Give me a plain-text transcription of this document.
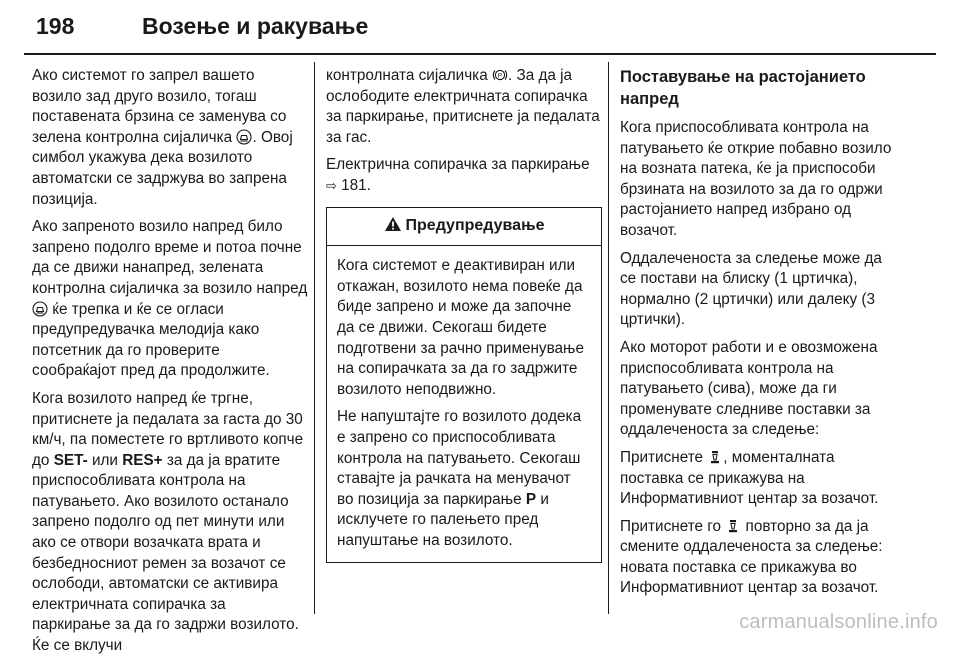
198	Возење и ракување

Ако системот го запрел вашето возило зад друго возило, тогаш поставената брзина се заменува со зелена контролна сијаличка . Овој симбол укажува дека возилото автоматски се задржува во запрена позиција.

Ако запреното возило напред било запрено подолго време и потоа почне да се движи нанапред, зелената контролна сијаличка за возило напред  ќе трепка и ќе се огласи предупредувачка мелодија како потсетник да го проверите сообраќајот пред да продолжите.

Кога возилото напред ќе тргне, притиснете ја педалата за гаста до 30 км/ч, па поместете го вртливото копче до SET- или RES+ за да ја вратите приспособливата контрола на патувањето. Ако возилото останало запрено подолго од пет минути или ако се отвори возачката врата и безбедносниот ремен за возачот се ослободи, автоматски се активира електричната сопирачка за паркирање за да го задржи возилото. Ќе се вклучи

контролната сијаличка P . За да ја ослободите електричната сопирачка за паркирање, притиснете ја педалата за гас.

Електрична сопирачка за паркирање ⇨ 181.

Предупредување

Кога системот е деактивиран или откажан, возилото нема повеќе да биде запрено и може да започне да се движи. Секогаш бидете подготвени за рачно применување на сопирачката за да го задржите возилото неподвижно.

Не напуштајте го возилото додека е запрено со приспособливата контрола на патувањето. Секогаш ставајте ја рачката на менувачот во позиција за паркирање P и исклучете го палењето пред напуштање на возилото.

Поставување на растојанието напред

Кога приспособливата контрола на патувањето ќе открие побавно возило на возната патека, ќе ја приспособи брзината на возилото за да го одржи растојанието напред избрано од возачот.

Оддалеченоста за следење може да се постави на блиску (1 цртичка), нормално (2 цртички) или далеку (3 цртички).

Ако моторот работи и е овозможена приспособливата контрола на патувањето (сива), може да ги променувате следниве поставки за оддалеченоста за следење:

Притиснете , моменталната поставка се прикажува на Информативниот центар за возачот.

Притиснете го повторно за да ја смените оддалеченоста за следење: новата поставка се прикажува во Информативниот центар за возачот.

carmanualsonline.info
